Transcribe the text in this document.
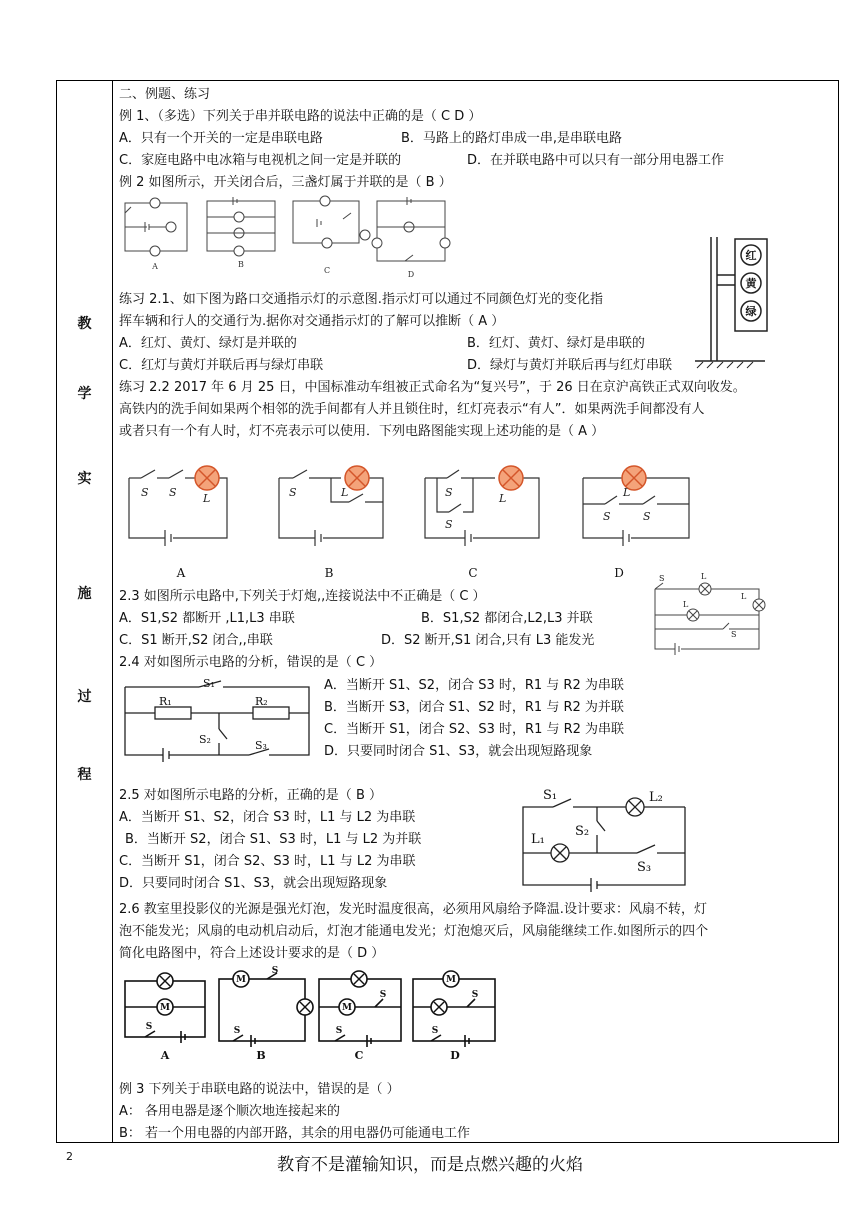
教
学
实
施
过
程
二、例题、练习
例 1、（多选）下列关于串并联电路的说法中正确的是（ C D ）
A．只有一个开关的一定是串联电路	B．马路上的路灯串成一串,是串联电路
C．家庭电路中电冰箱与电视机之间一定是并联的	D．在并联电路中可以只有一部分用电器工作
例 2 如图所示，开关闭合后，三盏灯属于并联的是（ B ）
A	B
C	D
红
黄
绿
练习 2.1、如下图为路口交通指示灯的示意图.指示灯可以通过不同颜色灯光的变化指
挥车辆和行人的交通行为.据你对交通指示灯的了解可以推断（ A ）
A．红灯、黄灯、绿灯是并联的	B．红灯、黄灯、绿灯是串联的
C．红灯与黄灯并联后再与绿灯串联	D．绿灯与黄灯并联后再与红灯串联
练习 2.2 2017 年 6 月 25 日，中国标准动车组被正式命名为“复兴号”，于 26 日在京沪高铁正式双向收发。
高铁内的洗手间如果两个相邻的洗手间都有人并且锁住时，红灯亮表示“有人”．如果两洗手间都没有人
或者只有一个有人时，灯不亮表示可以使用．下列电路图能实现上述功能的是（ A ）
S S L	S	L	S
S
L	L
S	S
A	B	C	D
2.3 如图所示电路中,下列关于灯炮,,连接说法中不正确是（ C ）
A．S1,S2 都断开 ,L1,L3 串联	B．S1,S2 都闭合,L2,L3 并联
C．S1 断开,S2 闭合,,串联	D．S2 断开,S1 闭合,只有 L3 能发光
S	L
L
L
S
2.4 对如图所示电路的分析，错误的是（ C ）
S₁
R₁	R₂
S₂	S₃
A．当断开 S1、S2，闭合 S3 时，R1 与 R2 为串联
B．当断开 S3，闭合 S1、S2 时，R1 与 R2 为并联
C．当断开 S1，闭合 S2、S3 时，R1 与 R2 为串联
D．只要同时闭合 S1、S3，就会出现短路现象
2.5 对如图所示电路的分析，正确的是（ B ）
A．当断开 S1、S2，闭合 S3 时，L1 与 L2 为串联
B．当断开 S2，闭合 S1、S3 时，L1 与 L2 为并联
C．当断开 S1，闭合 S2、S3 时，L1 与 L2 为串联
D．只要同时闭合 S1、S3，就会出现短路现象
S₁	L₂
L₁
S₂
S₃
2.6 教室里投影仪的光源是强光灯泡，发光时温度很高，必须用风扇给予降温.设计要求：风扇不转，灯
泡不能发光；风扇的电动机启动后，灯泡才能通电发光；灯泡熄灭后，风扇能继续工作.如图所示的四个
简化电路图中，符合上述设计要求的是（ D ）
M
M
M
M
S
S
S
S
S
S
S
A	B	C	D
例 3 下列关于串联电路的说法中，错误的是（ ）
A： 各用电器是逐个顺次地连接起来的
B： 若一个用电器的内部开路，其余的用电器仍可能通电工作
2	教育不是灌输知识，而是点燃兴趣的火焰
